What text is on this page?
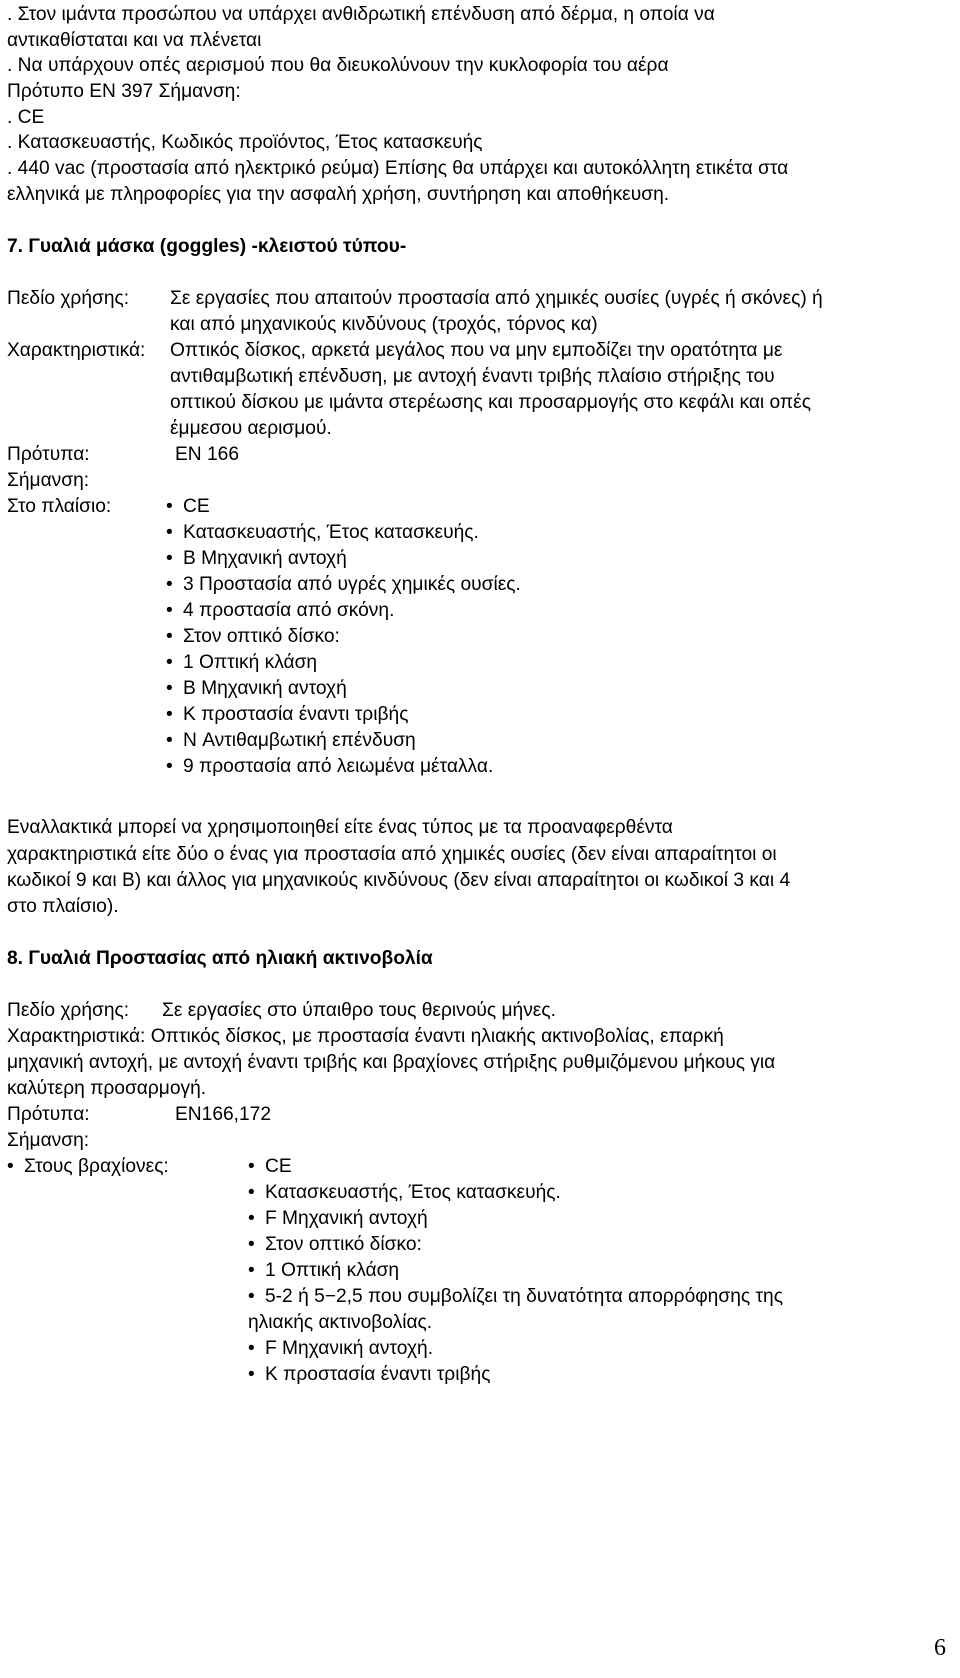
. Στον ιμάντα προσώπου να υπάρχει ανθιδρωτική επένδυση από δέρμα, η οποία να
αντικαθίσταται και να πλένεται
. Να υπάρχουν οπές αερισμού που θα διευκολύνουν την κυκλοφορία του αέρα
Πρότυπο ΕΝ 397 Σήμανση:
. CE
. Κατασκευαστής, Κωδικός προϊόντος, Έτος κατασκευής
. 440 vac (προστασία από ηλεκτρικό ρεύμα) Επίσης θα υπάρχει και αυτοκόλλητη ετικέτα στα
ελληνικά με πληροφορίες για την ασφαλή χρήση, συντήρηση και αποθήκευση.
7. Γυαλιά μάσκα (goggles) -κλειστού τύπου-
Πεδίο χρήσης: Σε εργασίες που απαιτούν προστασία από χημικές ουσίες (υγρές ή σκόνες) ή
και από μηχανικούς κινδύνους (τροχός, τόρνος κα)
Χαρακτηριστικά: Οπτικός δίσκος, αρκετά μεγάλος που να μην εμποδίζει την ορατότητα με
αντιθαμβωτική επένδυση, με αντοχή έναντι τριβής πλαίσιο στήριξης του
οπτικού δίσκου με ιμάντα στερέωσης και προσαρμογής στο κεφάλι και οπές
έμμεσου αερισμού.
Πρότυπα:	EN 166
Σήμανση:
Στο πλαίσιο:	• CE
• Κατασκευαστής, Έτος κατασκευής.
• B Μηχανική αντοχή
• 3 Προστασία από υγρές χημικές ουσίες.
• 4 προστασία από σκόνη.
• Στον οπτικό δίσκο:
• 1 Οπτική κλάση
• B Μηχανική αντοχή
• K προστασία έναντι τριβής
• N Αντιθαμβωτική επένδυση
• 9 προστασία από λειωμένα μέταλλα.
Εναλλακτικά μπορεί να χρησιμοποιηθεί είτε ένας τύπος με τα προαναφερθέντα
χαρακτηριστικά είτε δύο ο ένας για προστασία από χημικές ουσίες (δεν είναι απαραίτητοι οι
κωδικοί 9 και B) και άλλος για μηχανικούς κινδύνους (δεν είναι απαραίτητοι οι κωδικοί 3 και 4
στο πλαίσιο).
8. Γυαλιά Προστασίας από ηλιακή ακτινοβολία
Πεδίο χρήσης: Σε εργασίες στο ύπαιθρο τους θερινούς μήνες.
Χαρακτηριστικά: Οπτικός δίσκος, με προστασία έναντι ηλιακής ακτινοβολίας, επαρκή
μηχανική αντοχή, με αντοχή έναντι τριβής και βραχίονες στήριξης ρυθμιζόμενου μήκους για
καλύτερη προσαρμογή.
Πρότυπα:	EN166,172
Σήμανση:
• Στους βραχίονες:	• CE
• Κατασκευαστής, Έτος κατασκευής.
• F Μηχανική αντοχή
• Στον οπτικό δίσκο:
• 1 Οπτική κλάση
• 5-2 ή 5−2,5 που συμβολίζει τη δυνατότητα απορρόφησης της
ηλιακής ακτινοβολίας.
• F Μηχανική αντοχή.
• K προστασία έναντι τριβής
6
